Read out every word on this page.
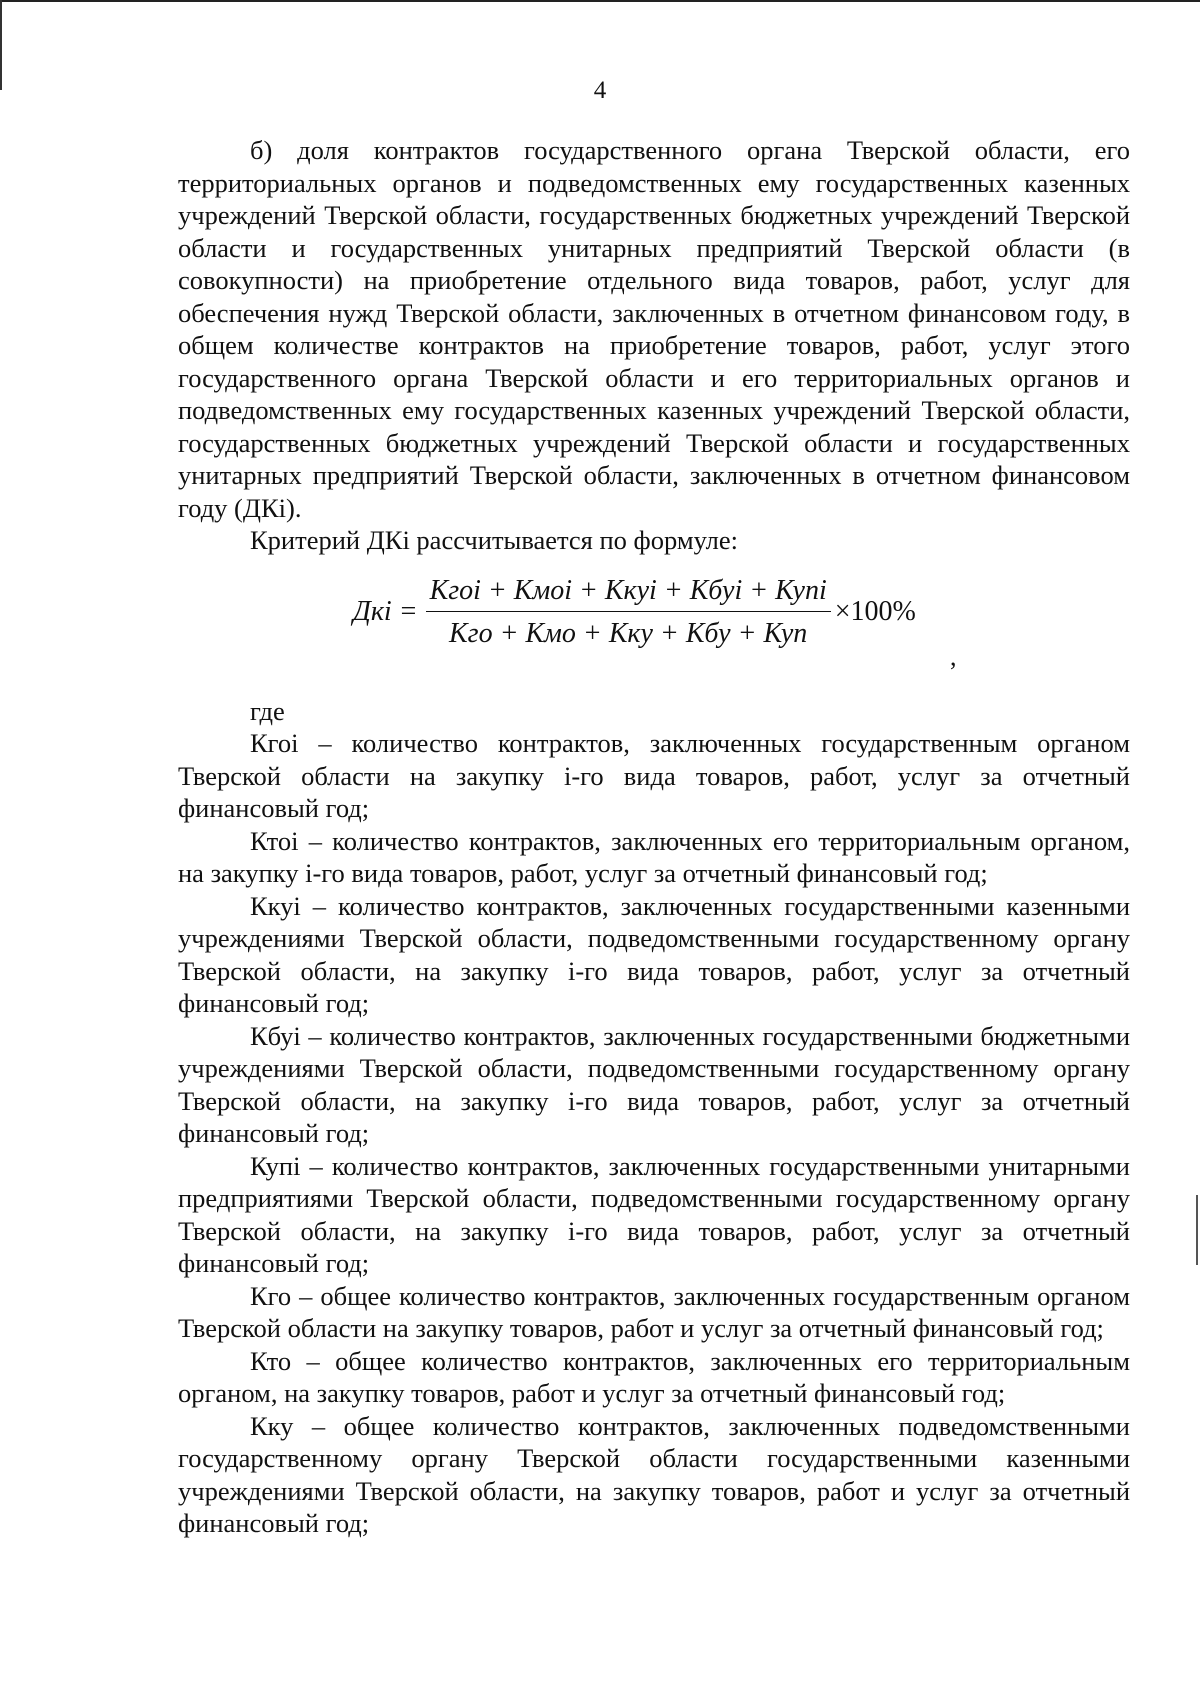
4

б) доля контрактов государственного органа Тверской области, его территориальных органов и подведомственных ему государственных казенных учреждений Тверской области, государственных бюджетных учреждений Тверской области и государственных унитарных предприятий Тверской области (в совокупности) на приобретение отдельного вида товаров, работ, услуг для обеспечения нужд Тверской области, заключенных в отчетном финансовом году, в общем количестве контрактов на приобретение товаров, работ, услуг этого государственного органа Тверской области и его территориальных органов и подведомственных ему государственных казенных учреждений Тверской области, государственных бюджетных учреждений Тверской области и государственных унитарных предприятий Тверской области, заключенных в отчетном финансовом году (ДКi).

Критерий ДКi рассчитывается по формуле:

Дкі = $\frac{\text{Кгоі + Кмоі + Ккуі + Кбуі + Купі}}{\text{Кго + Кмо + Кку + Кбу + Куп}} \times 100\%$
,

где

Кгоi – количество контрактов, заключенных государственным органом Тверской области на закупку i-го вида товаров, работ, услуг за отчетный финансовый год;

Ктоi – количество контрактов, заключенных его территориальным органом, на закупку i-го вида товаров, работ, услуг за отчетный финансовый год;

Ккуi – количество контрактов, заключенных государственными казенными учреждениями Тверской области, подведомственными государственному органу Тверской области, на закупку i-го вида товаров, работ, услуг за отчетный финансовый год;

Кбуi – количество контрактов, заключенных государственными бюджетными учреждениями Тверской области, подведомственными государственному органу Тверской области, на закупку i-го вида товаров, работ, услуг за отчетный финансовый год;

Купi – количество контрактов, заключенных государственными унитарными предприятиями Тверской области, подведомственными государственному органу Тверской области, на закупку i-го вида товаров, работ, услуг за отчетный финансовый год;

Кго – общее количество контрактов, заключенных государственным органом Тверской области на закупку товаров, работ и услуг за отчетный финансовый год;

Кто – общее количество контрактов, заключенных его территориальным органом, на закупку товаров, работ и услуг за отчетный финансовый год;

Кку – общее количество контрактов, заключенных подведомственными государственному органу Тверской области государственными казенными учреждениями Тверской области, на закупку товаров, работ и услуг за отчетный финансовый год;
